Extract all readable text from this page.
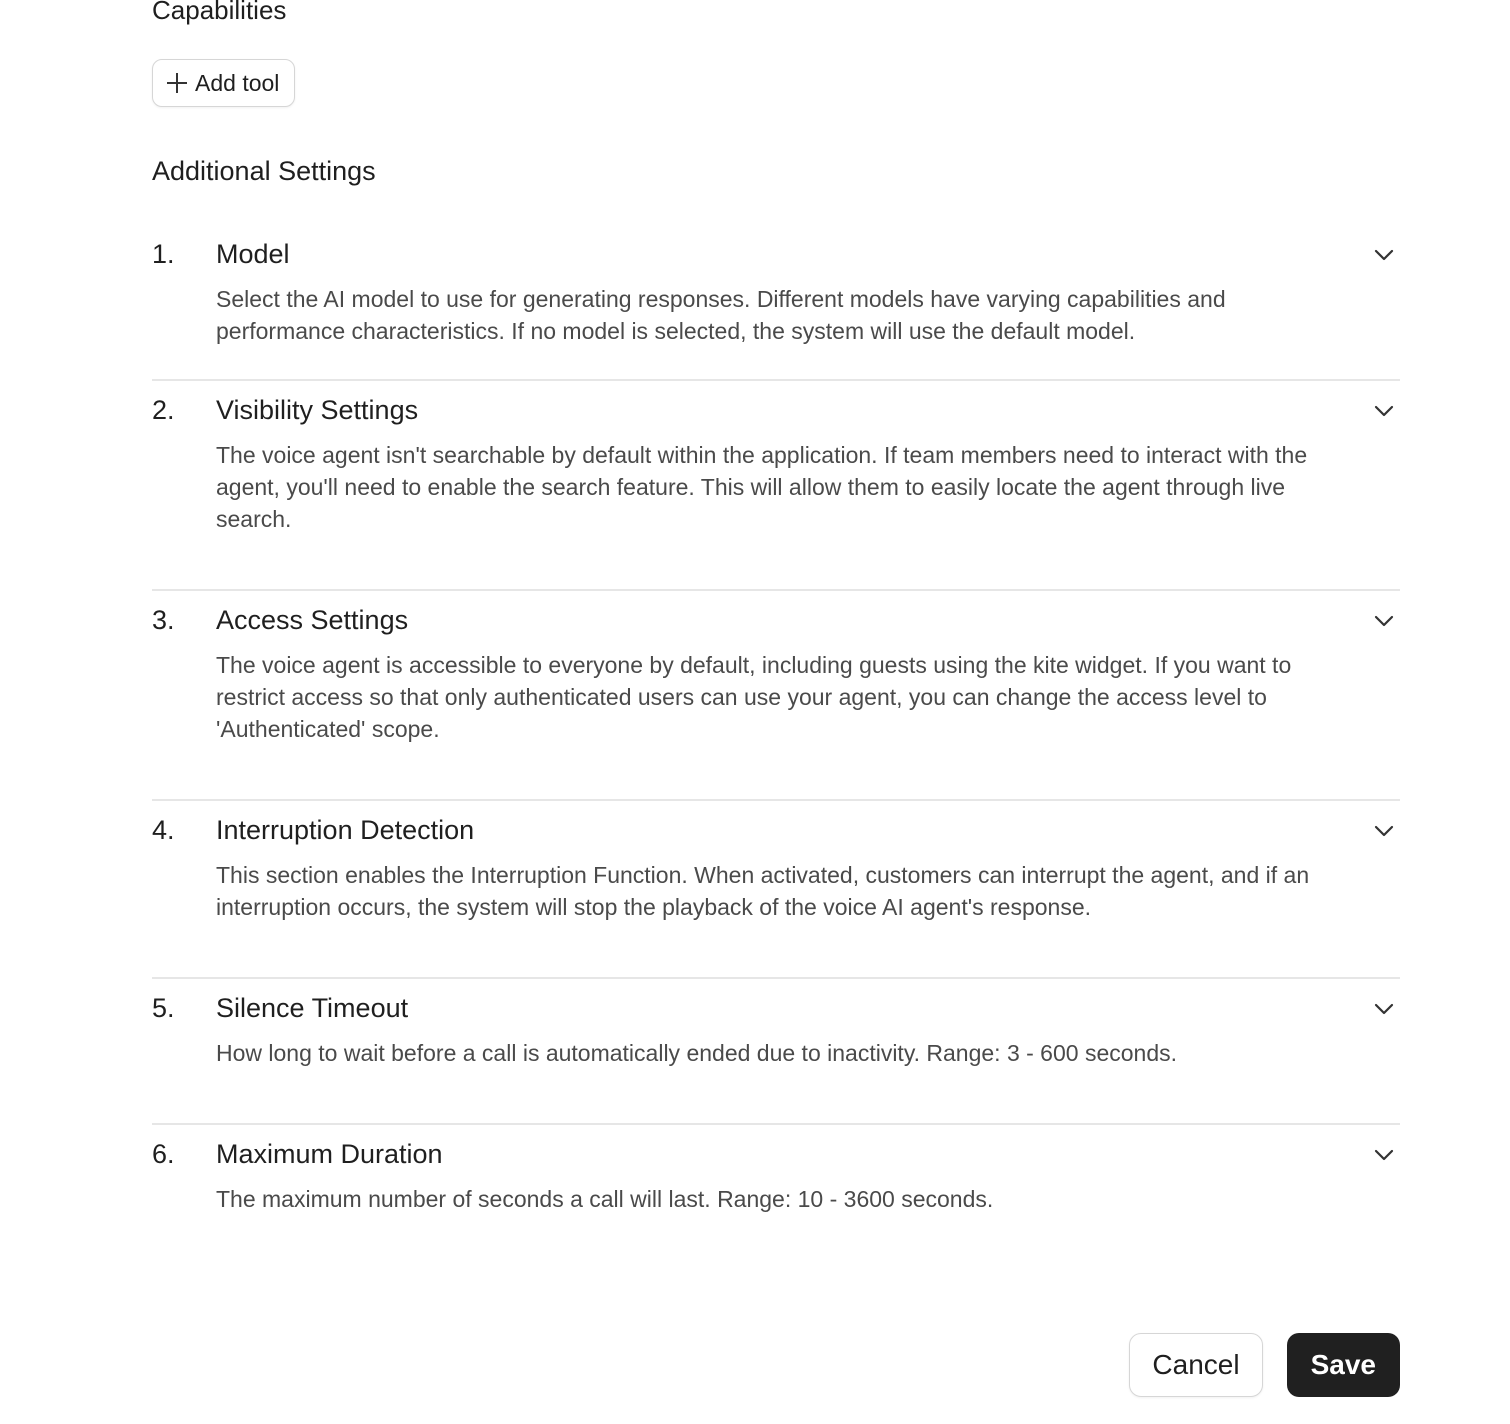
Capabilities
Add tool
Additional Settings
1. Model

Select the AI model to use for generating responses. Different models have varying capabilities and performance characteristics. If no model is selected, the system will use the default model.

2. Visibility Settings

The voice agent isn't searchable by default within the application. If team members need to interact with the agent, you'll need to enable the search feature. This will allow them to easily locate the agent through live search.

3. Access Settings

The voice agent is accessible to everyone by default, including guests using the kite widget. If you want to restrict access so that only authenticated users can use your agent, you can change the access level to 'Authenticated' scope.

4. Interruption Detection

This section enables the Interruption Function. When activated, customers can interrupt the agent, and if an interruption occurs, the system will stop the playback of the voice AI agent's response.

5. Silence Timeout

How long to wait before a call is automatically ended due to inactivity. Range: 3 - 600 seconds.

6. Maximum Duration

The maximum number of seconds a call will last. Range: 10 - 3600 seconds.

Cancel	Save
